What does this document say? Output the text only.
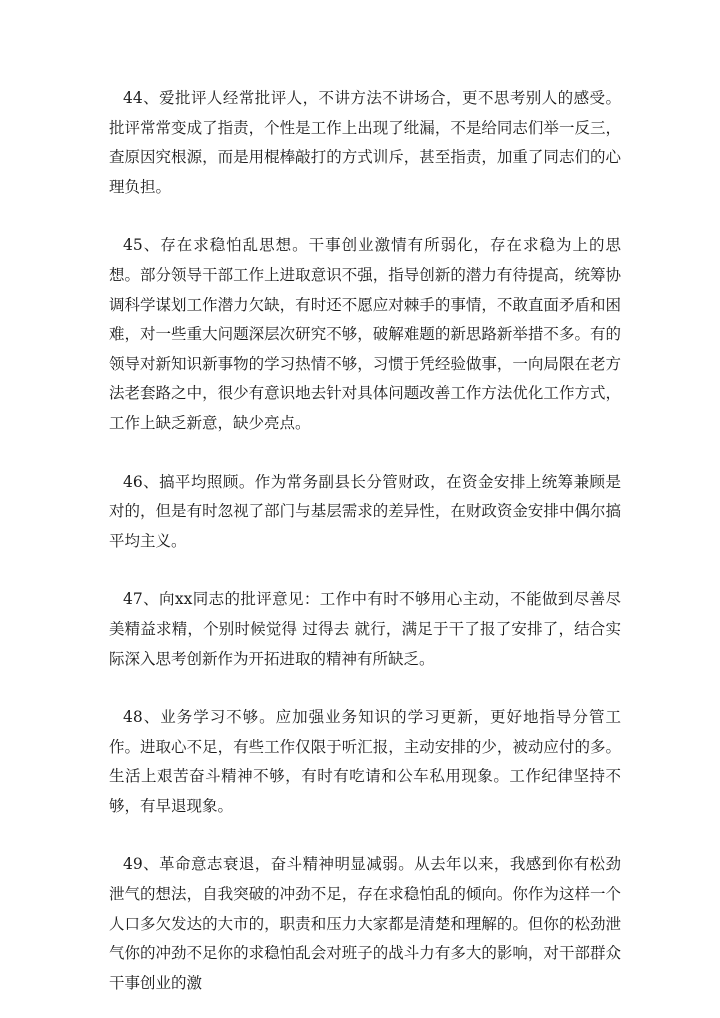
44、爱批评人经常批评人，不讲方法不讲场合，更不思考别人的感受。批评常常变成了指责，个性是工作上出现了纰漏，不是给同志们举一反三，查原因究根源，而是用棍棒敲打的方式训斥，甚至指责，加重了同志们的心理负担。

45、存在求稳怕乱思想。干事创业激情有所弱化，存在求稳为上的思想。部分领导干部工作上进取意识不强，指导创新的潜力有待提高，统筹协调科学谋划工作潜力欠缺，有时还不愿应对棘手的事情，不敢直面矛盾和困难，对一些重大问题深层次研究不够，破解难题的新思路新举措不多。有的领导对新知识新事物的学习热情不够，习惯于凭经验做事，一向局限在老方法老套路之中，很少有意识地去针对具体问题改善工作方法优化工作方式，工作上缺乏新意，缺少亮点。

46、搞平均照顾。作为常务副县长分管财政，在资金安排上统筹兼顾是对的，但是有时忽视了部门与基层需求的差异性，在财政资金安排中偶尔搞平均主义。

47、向xx同志的批评意见：工作中有时不够用心主动，不能做到尽善尽美精益求精，个别时候觉得 过得去 就行，满足于干了报了安排了，结合实际深入思考创新作为开拓进取的精神有所缺乏。

48、业务学习不够。应加强业务知识的学习更新，更好地指导分管工作。进取心不足，有些工作仅限于听汇报，主动安排的少，被动应付的多。生活上艰苦奋斗精神不够，有时有吃请和公车私用现象。工作纪律坚持不够，有早退现象。

49、革命意志衰退，奋斗精神明显减弱。从去年以来，我感到你有松劲泄气的想法，自我突破的冲劲不足，存在求稳怕乱的倾向。你作为这样一个人口多欠发达的大市的，职责和压力大家都是清楚和理解的。但你的松劲泄气你的冲劲不足你的求稳怕乱会对班子的战斗力有多大的影响，对干部群众干事创业的激
